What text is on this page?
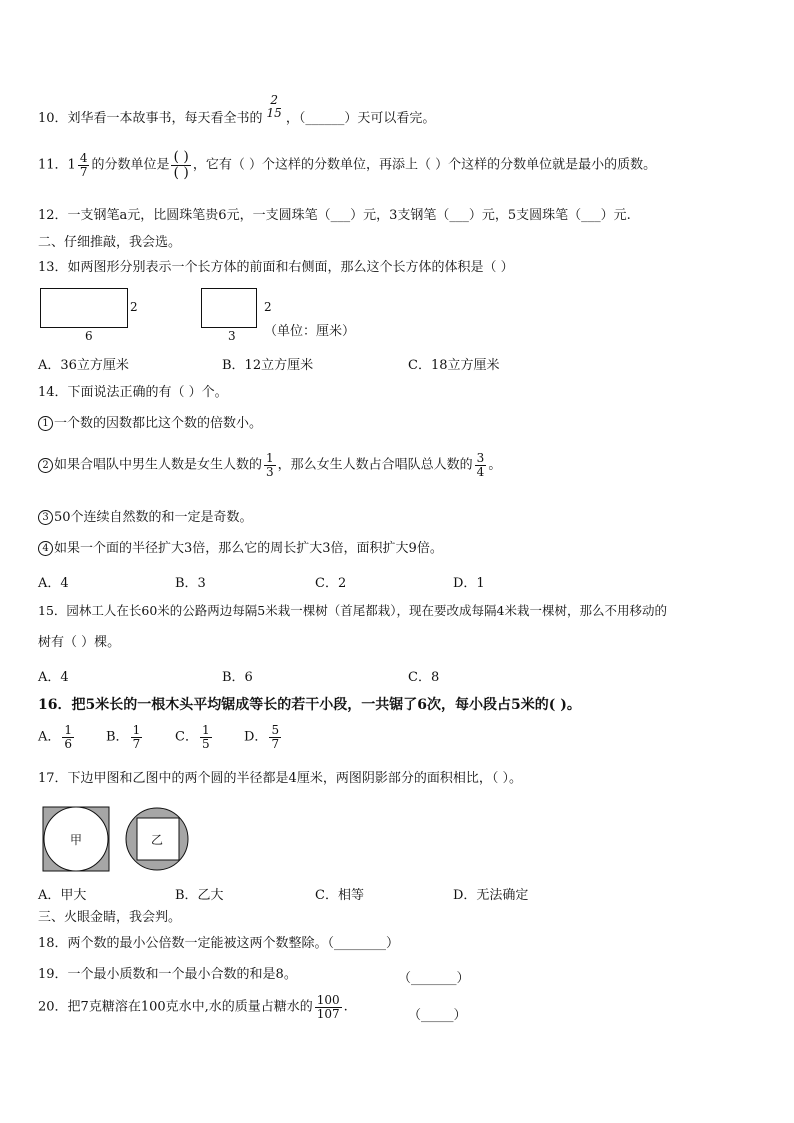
10．刘华看一本故事书，每天看全书的
2
15 ，（______）天可以看完。
11．$1 \frac{4}{7}$ 的分数单位是 $\frac{( )}{( )}$ ，它有（ ）个这样的分数单位，再添上（ ）个这样的分数单位就是最小的质数。
12．一支钢笔a元，比圆珠笔贵6元，一支圆珠笔（___）元，3支钢笔（___）元，5支圆珠笔（___）元.
二、仔细推敲，我会选。
13．如两图形分别表示一个长方体的前面和右侧面，那么这个长方体的体积是（ ）
2
6
2
3 （单位：厘米）
A．36立方厘米	B．12立方厘米	C．18立方厘米
14．下面说法正确的有（ ）个。
1 一个数的因数都比这个数的倍数小。
2 如果合唱队中男生人数是女生人数的 $\frac{1}{3}$ ，那么女生人数占合唱队总人数的 $\frac{3}{4}$ 。
3 50个连续自然数的和一定是奇数。
4 如果一个面的半径扩大3倍，那么它的周长扩大3倍，面积扩大9倍。
A．4	B．3	C．2	D．1
15．园林工人在长60米的公路两边每隔5米栽一棵树（首尾都栽），现在要改成每隔4米栽一棵树，那么不用移动的
树有（ ）棵。
A．4	B．6	C．8
16．把5米长的一根木头平均锯成等长的若干小段，一共锯了6次，每小段占5米的( )。
A． $\frac{1}{6}$ B． $\frac{1}{7}$	C． $\frac{1}{5}$ D． $\frac{5}{7}$
17．下边甲图和乙图中的两个圆的半径都是4厘米，两图阴影部分的面积相比，（ ）。
甲	乙
A．甲大	B．乙大	C．相等	D．无法确定
三、火眼金睛，我会判。
18．两个数的最小公倍数一定能被这两个数整除。（________）
19．一个最小质数和一个最小合数的和是8。	（_______）
20．把7克糖溶在100克水中,水的质量占糖水的 $\frac{100}{107}$ .
（_____）
